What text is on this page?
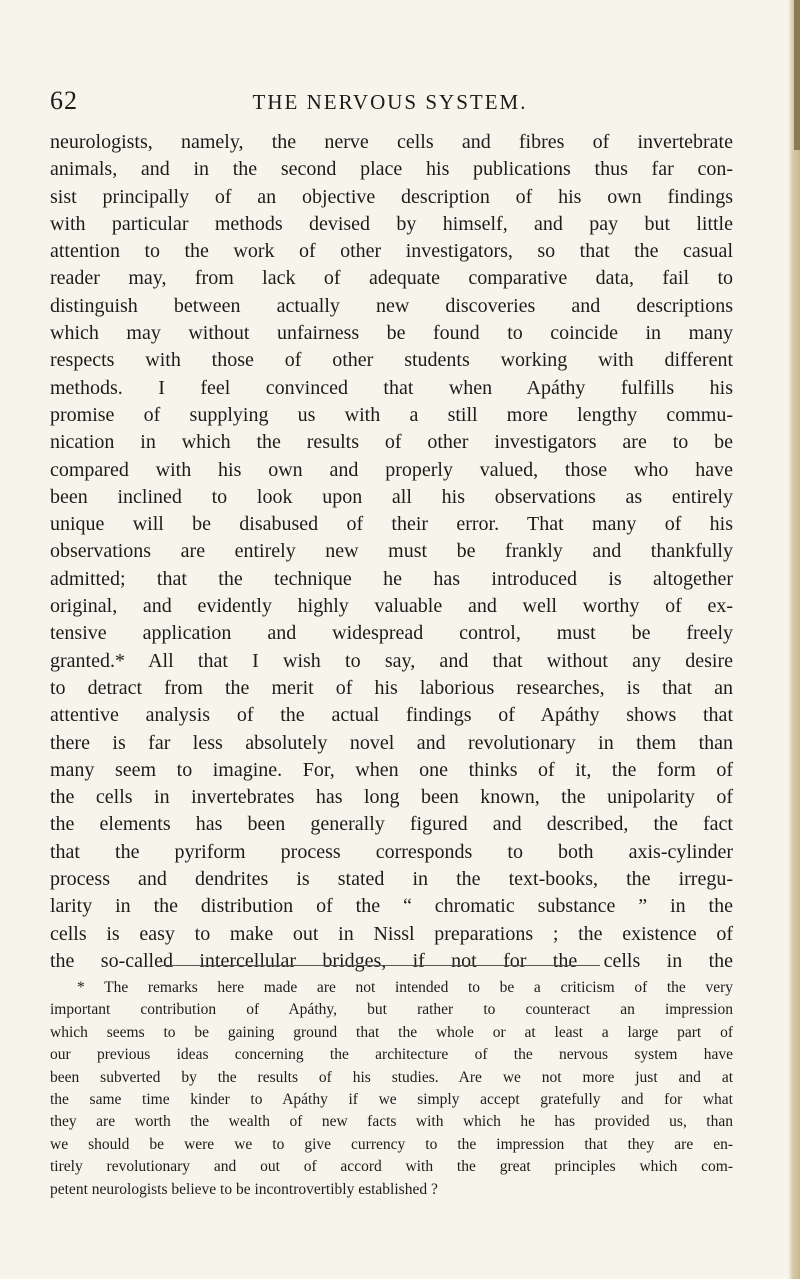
62	THE NERVOUS SYSTEM.
neurologists, namely, the nerve cells and fibres of invertebrate
animals, and in the second place his publications thus far con-
sist principally of an objective description of his own findings
with particular methods devised by himself, and pay but little
attention to the work of other investigators, so that the casual
reader may, from lack of adequate comparative data, fail to
distinguish between actually new discoveries and descriptions
which may without unfairness be found to coincide in many
respects with those of other students working with different
methods. I feel convinced that when Apáthy fulfills his
promise of supplying us with a still more lengthy commu-
nication in which the results of other investigators are to be
compared with his own and properly valued, those who have
been inclined to look upon all his observations as entirely
unique will be disabused of their error. That many of his
observations are entirely new must be frankly and thankfully
admitted; that the technique he has introduced is altogether
original, and evidently highly valuable and well worthy of ex-
tensive application and widespread control, must be freely
granted.* All that I wish to say, and that without any desire
to detract from the merit of his laborious researches, is that an
attentive analysis of the actual findings of Apáthy shows that
there is far less absolutely novel and revolutionary in them than
many seem to imagine. For, when one thinks of it, the form of
the cells in invertebrates has long been known, the unipolarity of
the elements has been generally figured and described, the fact
that the pyriform process corresponds to both axis-cylinder
process and dendrites is stated in the text-books, the irregu-
larity in the distribution of the “ chromatic substance ” in the
cells is easy to make out in Nissl preparations ; the existence of
the so-called intercellular bridges, if not for the cells in the
* The remarks here made are not intended to be a criticism of the very
important contribution of Apáthy, but rather to counteract an impression
which seems to be gaining ground that the whole or at least a large part of
our previous ideas concerning the architecture of the nervous system have
been subverted by the results of his studies. Are we not more just and at
the same time kinder to Apáthy if we simply accept gratefully and for what
they are worth the wealth of new facts with which he has provided us, than
we should be were we to give currency to the impression that they are en-
tirely revolutionary and out of accord with the great principles which com-
petent neurologists believe to be incontrovertibly established ?
